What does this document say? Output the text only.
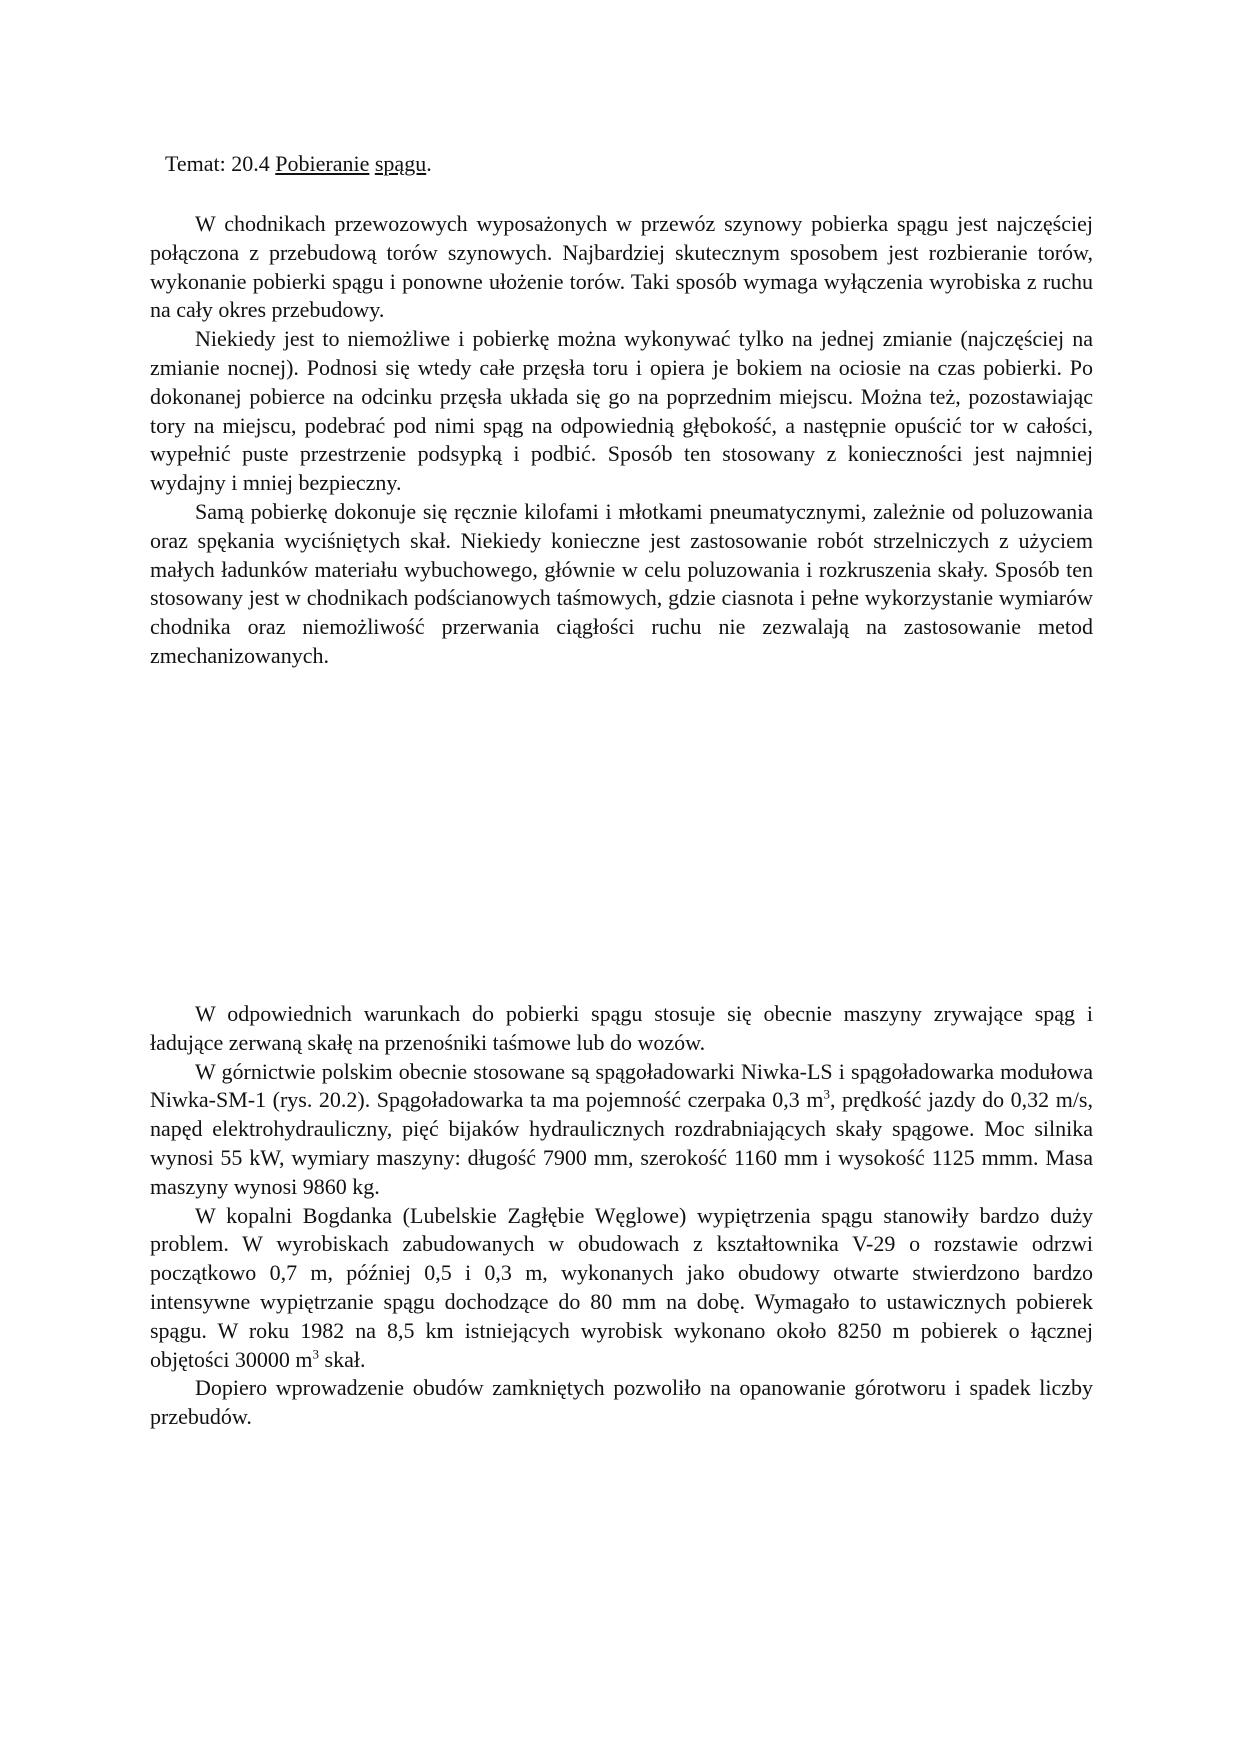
Temat: 20.4 Pobieranie spągu.

W chodnikach przewozowych wyposażonych w przewóz szynowy pobierka spągu jest najczęściej połączona z przebudową torów szynowych. Najbardziej skutecznym sposobem jest rozbieranie torów, wykonanie pobierki spągu i ponowne ułożenie torów. Taki sposób wymaga wyłączenia wyrobiska z ruchu na cały okres przebudowy.

Niekiedy jest to niemożliwe i pobierkę można wykonywać tylko na jednej zmianie (najczęściej na zmianie nocnej). Podnosi się wtedy całe przęsła toru i opiera je bokiem na ociosie na czas pobierki. Po dokonanej pobierce na odcinku przęsła układa się go na poprzednim miejscu. Można też, pozostawiając tory na miejscu, podebrać pod nimi spąg na odpowiednią głębokość, a następnie opuścić tor w całości, wypełnić puste przestrzenie podsypką i podbić. Sposób ten stosowany z konieczności jest najmniej wydajny i mniej bezpieczny.

Samą pobierkę dokonuje się ręcznie kilofami i młotkami pneumatycznymi, zależnie od poluzowania oraz spękania wyciśniętych skał. Niekiedy konieczne jest zastosowanie robót strzelniczych z użyciem małych ładunków materiału wybuchowego, głównie w celu poluzowania i rozkruszenia skały. Sposób ten stosowany jest w chodnikach podścianowych taśmowych, gdzie ciasnota i pełne wykorzystanie wymiarów chodnika oraz niemożliwość przerwania ciągłości ruchu nie zezwalają na zastosowanie metod zmechanizowanych.

W odpowiednich warunkach do pobierki spągu stosuje się obecnie maszyny zrywające spąg i ładujące zerwaną skałę na przenośniki taśmowe lub do wozów.

W górnictwie polskim obecnie stosowane są spągoładowarki Niwka-LS i spągoładowarka modułowa Niwka-SM-1 (rys. 20.2). Spągoładowarka ta ma pojemność czerpaka 0,3 $m^3$, prędkość jazdy do 0,32 m/s, napęd elektrohydrauliczny, pięć bijaków hydraulicznych rozdrabniających skały spągowe. Moc silnika wynosi 55 kW, wymiary maszyny: długość 7900 mm, szerokość 1160 mm i wysokość 1125 mmm. Masa maszyny wynosi 9860 kg.

W kopalni Bogdanka (Lubelskie Zagłębie Węglowe) wypiętrzenia spągu stanowiły bardzo duży problem. W wyrobiskach zabudowanych w obudowach z kształtownika V-29 o rozstawie odrzwi początkowo 0,7 m, później 0,5 i 0,3 m, wykonanych jako obudowy otwarte stwierdzono bardzo intensywne wypiętrzanie spągu dochodzące do 80 mm na dobę. Wymagało to ustawicznych pobierek spągu. W roku 1982 na 8,5 km istniejących wyrobisk wykonano około 8250 m pobierek o łącznej objętości 30000 $m^3$ skał.

Dopiero wprowadzenie obudów zamkniętych pozwoliło na opanowanie górotworu i spadek liczby przebudów.
